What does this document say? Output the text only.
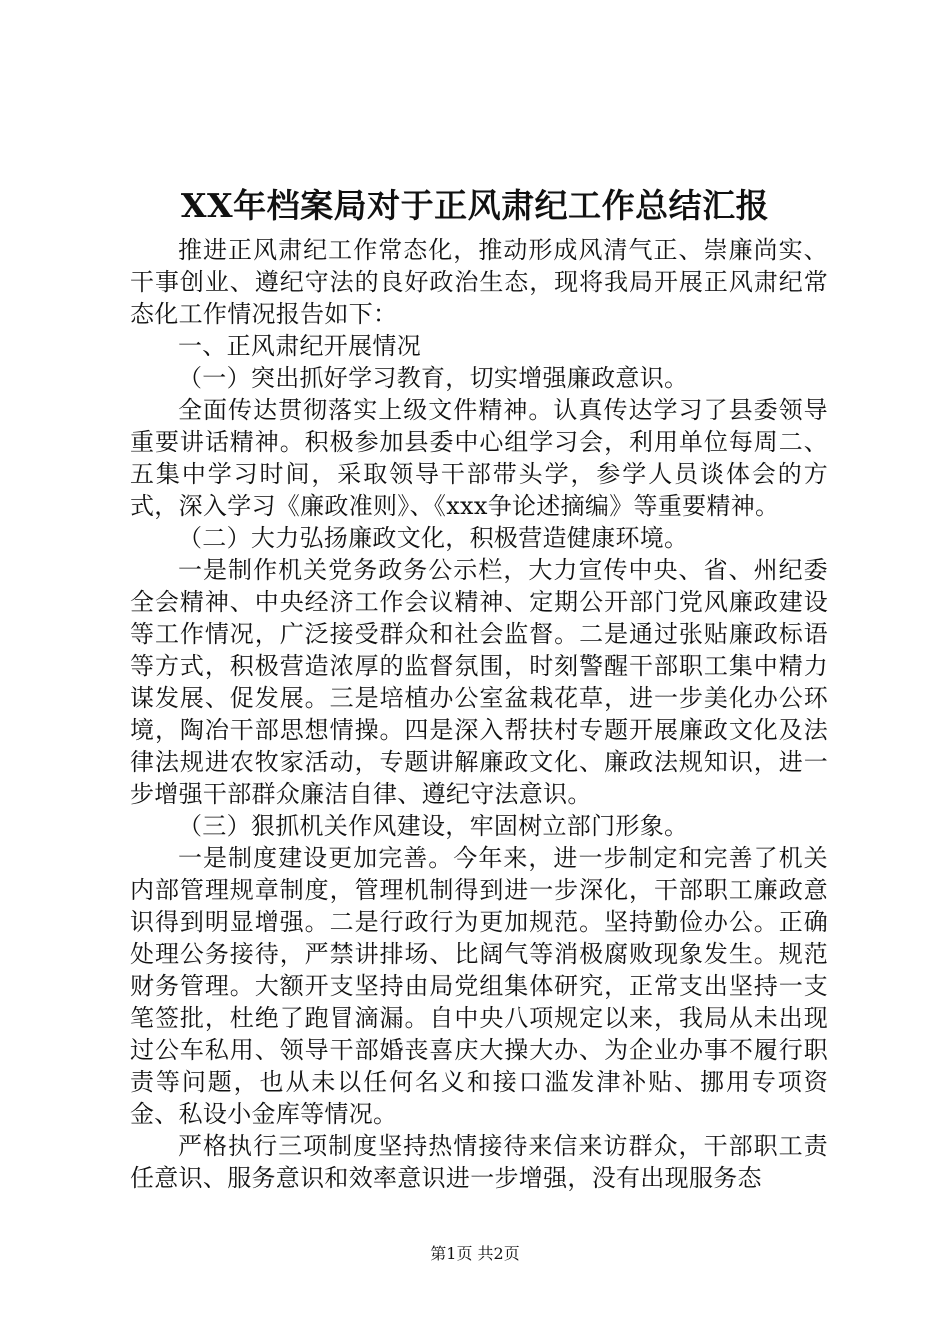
XX年档案局对于正风肃纪工作总结汇报

推进正风肃纪工作常态化，推动形成风清气正、崇廉尚实、干事创业、遵纪守法的良好政治生态，现将我局开展正风肃纪常态化工作情况报告如下：

一、正风肃纪开展情况

（一）突出抓好学习教育，切实增强廉政意识。

全面传达贯彻落实上级文件精神。认真传达学习了县委领导重要讲话精神。积极参加县委中心组学习会，利用单位每周二、五集中学习时间，采取领导干部带头学，参学人员谈体会的方式，深入学习《廉政准则》、《xxx争论述摘编》等重要精神。

（二）大力弘扬廉政文化，积极营造健康环境。

一是制作机关党务政务公示栏，大力宣传中央、省、州纪委全会精神、中央经济工作会议精神、定期公开部门党风廉政建设等工作情况，广泛接受群众和社会监督。二是通过张贴廉政标语等方式，积极营造浓厚的监督氛围，时刻警醒干部职工集中精力谋发展、促发展。三是培植办公室盆栽花草，进一步美化办公环境，陶冶干部思想情操。四是深入帮扶村专题开展廉政文化及法律法规进农牧家活动，专题讲解廉政文化、廉政法规知识，进一步增强干部群众廉洁自律、遵纪守法意识。

（三）狠抓机关作风建设，牢固树立部门形象。

一是制度建设更加完善。今年来，进一步制定和完善了机关内部管理规章制度，管理机制得到进一步深化，干部职工廉政意识得到明显增强。二是行政行为更加规范。坚持勤俭办公。正确处理公务接待，严禁讲排场、比阔气等消极腐败现象发生。规范财务管理。大额开支坚持由局党组集体研究，正常支出坚持一支笔签批，杜绝了跑冒滴漏。自中央八项规定以来，我局从未出现过公车私用、领导干部婚丧喜庆大操大办、为企业办事不履行职责等问题，也从未以任何名义和接口滥发津补贴、挪用专项资金、私设小金库等情况。

严格执行三项制度坚持热情接待来信来访群众，干部职工责任意识、服务意识和效率意识进一步增强，没有出现服务态

第1页 共2页
